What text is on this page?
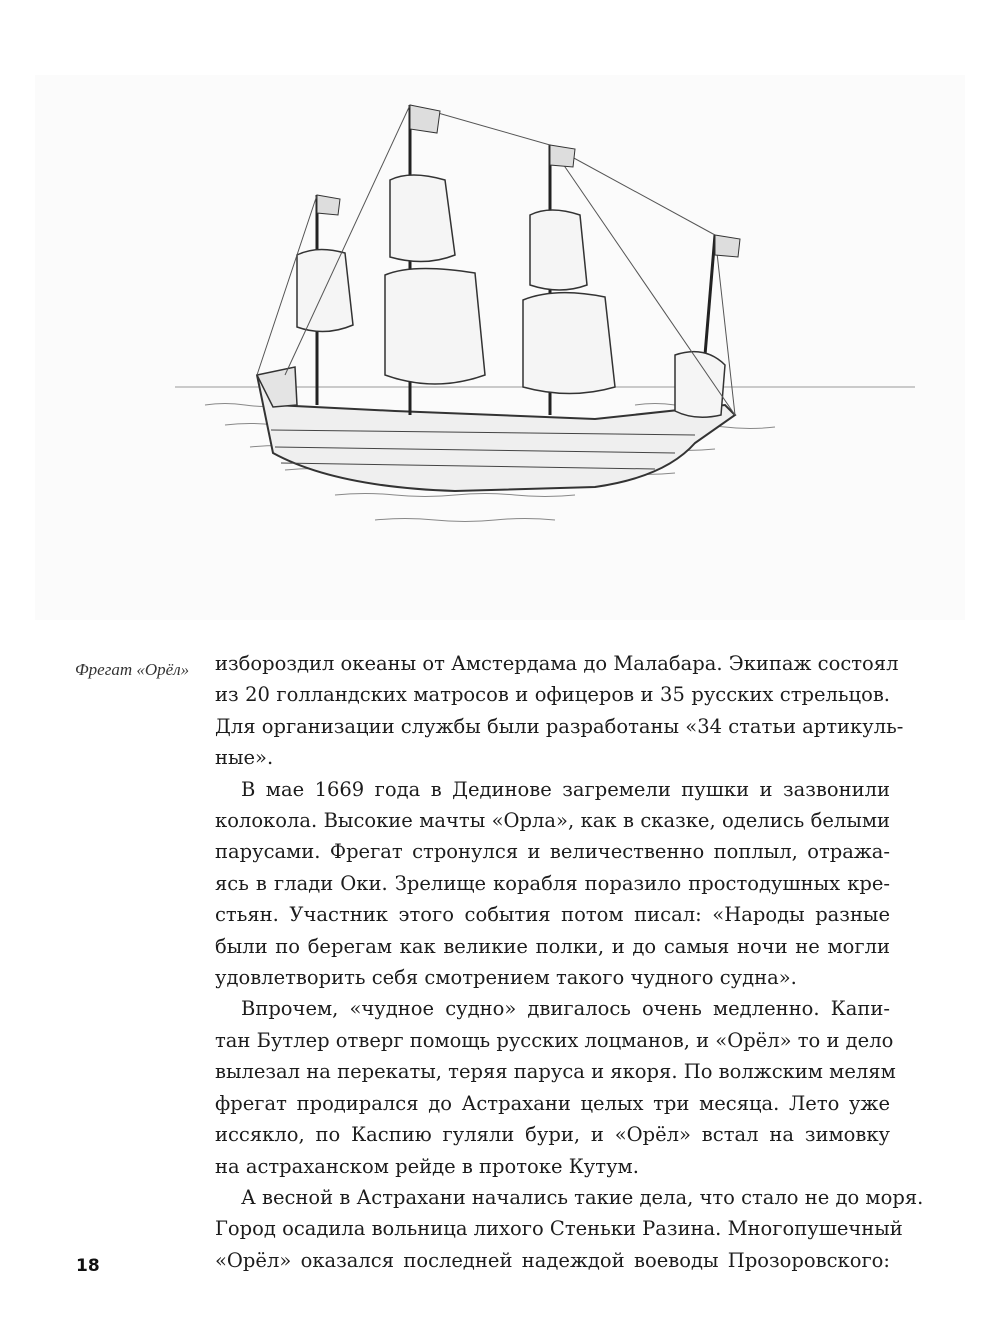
Фрегат «Орёл» избороздил океаны от Амстердама до Малабара. Экипаж состоял
из 20 голландских матросов и офицеров и 35 русских стрельцов.
Для организации службы были разработаны «34 статьи артикуль-
ные».
В мае 1669 года в Дединове загремели пушки и зазвонили
колокола. Высокие мачты «Орла», как в сказке, оделись белыми
парусами. Фрегат стронулся и величественно поплыл, отража-
ясь в глади Оки. Зрелище корабля поразило простодушных кре-
стьян. Участник этого события потом писал: «Народы разные
были по берегам как великие полки, и до самыя ночи не могли
удовлетворить себя смотрением такого чудного судна».
Впрочем, «чудное судно» двигалось очень медленно. Капи-
тан Бутлер отверг помощь русских лоцманов, и «Орёл» то и дело
вылезал на перекаты, теряя паруса и якоря. По волжским мелям
фрегат продирался до Астрахани целых три месяца. Лето уже
иссякло, по Каспию гуляли бури, и «Орёл» встал на зимовку
на астраханском рейде в протоке Кутум.
А весной в Астрахани начались такие дела, что стало не до моря.
Город осадила вольница лихого Стеньки Разина. Многопушечный
«Орёл» оказался последней надеждой воеводы Прозоровского:
18
